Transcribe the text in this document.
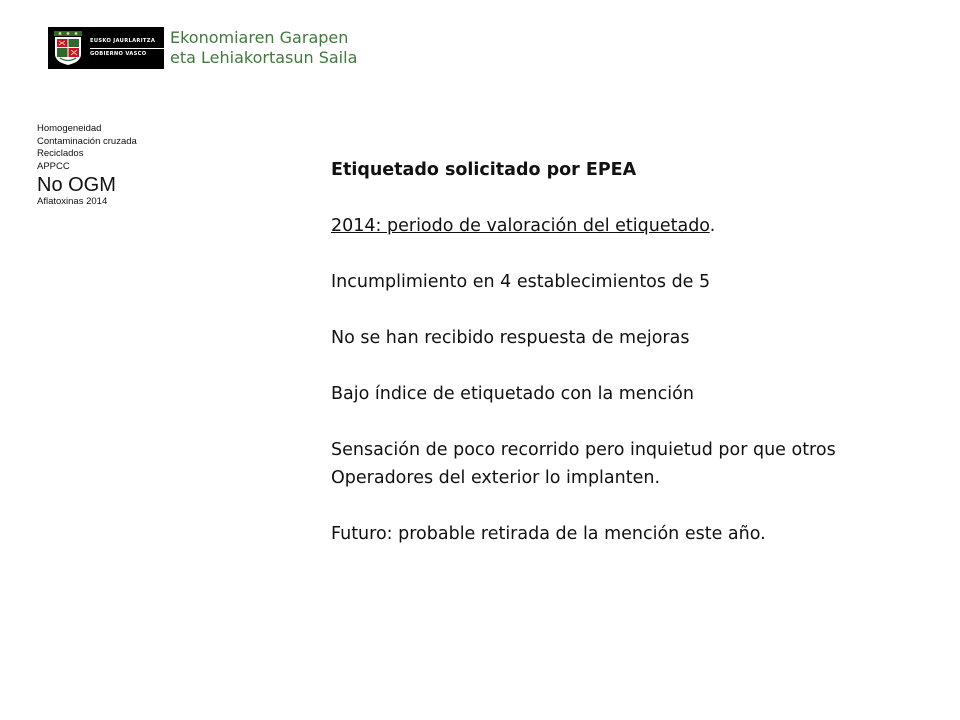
EUSKO JAURLARITZA
GOBIERNO VASCO
Ekonomiaren Garapen
eta Lehiakortasun Saila
Homogeneidad
Contaminación cruzada
Reciclados
APPCC
No OGM
Aflatoxinas 2014
Etiquetado solicitado por EPEA
2014: periodo de valoración del etiquetado.
Incumplimiento en 4 establecimientos de 5
No se han recibido respuesta de mejoras
Bajo índice de etiquetado con la mención
Sensación de poco recorrido pero inquietud por que otros
Operadores del exterior lo implanten.
Futuro: probable retirada de la mención este año.
